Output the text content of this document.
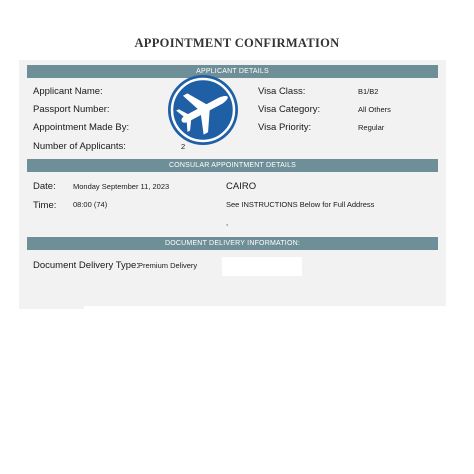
APPOINTMENT CONFIRMATION
APPLICANT DETAILS
Applicant Name:
Passport Number:
Appointment Made By:
Number of Applicants:	2
Visa Class:	B1/B2
Visa Category:	All Others
Visa Priority:	Regular
CONSULAR APPOINTMENT DETAILS
Date: Monday September 11, 2023
Time: 08:00 (74)
CAIRO
See INSTRUCTIONS Below for Full Address
,
DOCUMENT DELIVERY INFORMATION:
Document Delivery Type: Premium Delivery
